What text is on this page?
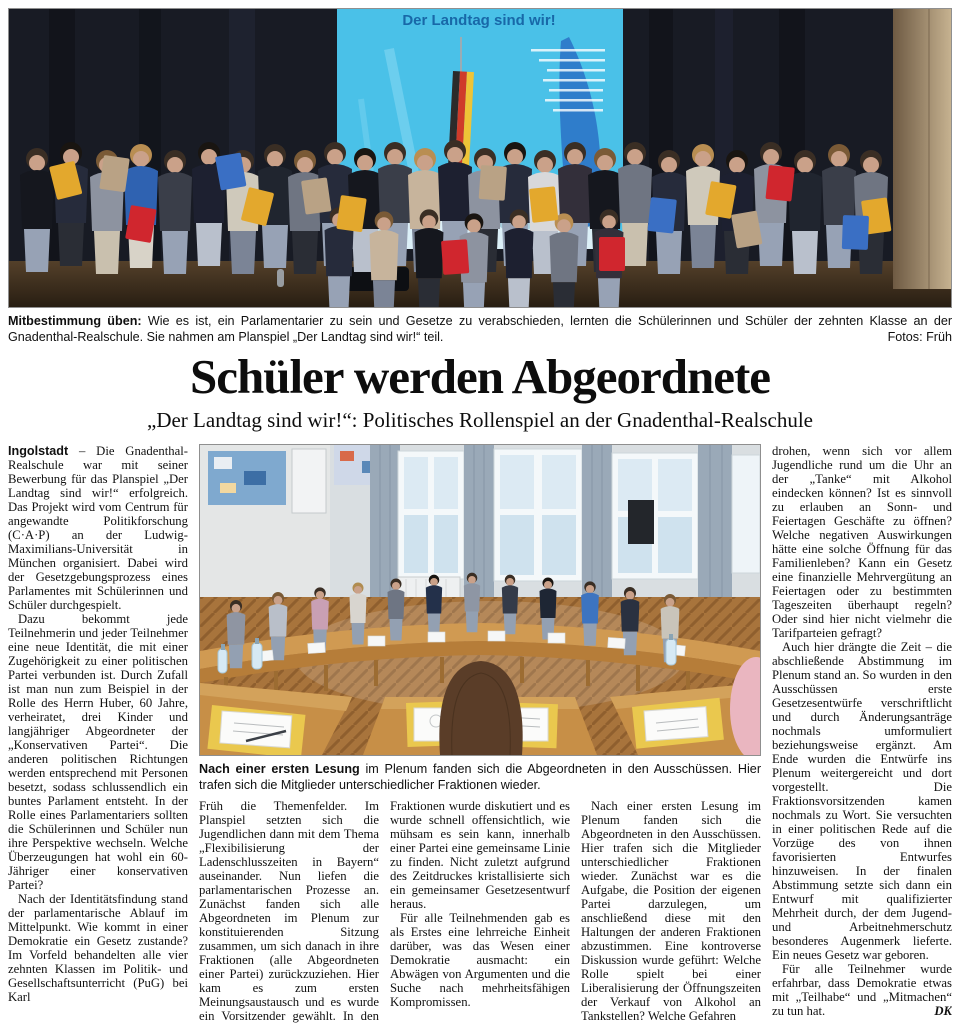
Der Landtag sind wir!
Mitbestimmung üben: Wie es ist, ein Parlamentarier zu sein und Gesetze zu verabschieden, lernten die Schülerinnen und Schüler der zehnten Klasse an der Gnadenthal-Realschule. Sie nahmen am Planspiel „Der Landtag sind wir!“ teil.	Fotos: Früh
Schüler werden Abgeordnete
„Der Landtag sind wir!“: Politisches Rollenspiel an der Gnadenthal-Realschule

Ingolstadt – Die Gnadenthal-Realschule war mit seiner Bewerbung für das Planspiel „Der Landtag sind wir!“ erfolgreich. Das Projekt wird vom Centrum für angewandte Politikforschung (C·A·P) an der Ludwig-Maximilians-Universität in München organisiert. Dabei wird der Gesetzgebungsprozess eines Parlamentes mit Schülerinnen und Schüler durchgespielt.

Dazu bekommt jede Teilnehmerin und jeder Teilnehmer eine neue Identität, die mit einer Zugehörigkeit zu einer politischen Partei verbunden ist. Durch Zufall ist man nun zum Beispiel in der Rolle des Herrn Huber, 60 Jahre, verheiratet, drei Kinder und langjähriger Abgeordneter der „Konservativen Partei“. Die anderen politischen Richtungen werden entsprechend mit Personen besetzt, sodass schlussendlich ein buntes Parlament entsteht. In der Rolle eines Parlamentariers sollten die Schülerinnen und Schüler nun ihre Perspektive wechseln. Welche Überzeugungen hat wohl ein 60-Jähriger einer konservativen Partei?

Nach der Identitätsfindung stand der parlamentarische Ablauf im Mittelpunkt. Wie kommt in einer Demokratie ein Gesetz zustande? Im Vorfeld behandelten alle vier zehnten Klassen im Politik- und Gesellschaftsunterricht (PuG) bei Karl

Nach einer ersten Lesung im Plenum fanden sich die Abgeordneten in den Ausschüssen. Hier trafen sich die Mitglieder unterschiedlicher Fraktionen wieder.

Früh die Themenfelder. Im Planspiel setzten sich die Jugendlichen dann mit dem Thema „Flexibilisierung der Ladenschlusszeiten in Bayern“ auseinander. Nun liefen die parlamentarischen Prozesse an. Zunächst fanden sich alle Abgeordneten im Plenum zur konstituierenden Sitzung zusammen, um sich danach in ihre Fraktionen (alle Abgeordneten einer Partei) zurückzuziehen. Hier kam es zum ersten Meinungsaustausch und es wurde ein Vorsitzender gewählt. In den Fraktionen wurde diskutiert und es wurde schnell offensichtlich, wie mühsam es sein kann, innerhalb einer Partei eine gemeinsame Linie zu finden. Nicht zuletzt aufgrund des Zeitdruckes kristallisierte sich ein gemeinsamer Gesetzesentwurf heraus.

Für alle Teilnehmenden gab es als Erstes eine lehrreiche Einheit darüber, was das Wesen einer Demokratie ausmacht: ein Abwägen von Argumenten und die Suche nach mehrheitsfähigen Kompromissen.

Nach einer ersten Lesung im Plenum fanden sich die Abgeordneten in den Ausschüssen. Hier trafen sich die Mitglieder unterschiedlicher Fraktionen wieder. Zunächst war es die Aufgabe, die Position der eigenen Partei darzulegen, um anschließend diese mit den Haltungen der anderen Fraktionen abzustimmen. Eine kontroverse Diskussion wurde geführt: Welche Rolle spielt bei einer Liberalisierung der Öffnungszeiten der Verkauf von Alkohol an Tankstellen? Welche Gefahren

drohen, wenn sich vor allem Jugendliche rund um die Uhr an der „Tanke“ mit Alkohol eindecken können? Ist es sinnvoll zu erlauben an Sonn- und Feiertagen Geschäfte zu öffnen? Welche negativen Auswirkungen hätte eine solche Öffnung für das Familienleben? Kann ein Gesetz eine finanzielle Mehrvergütung an Feiertagen oder zu bestimmten Tageszeiten überhaupt regeln? Oder sind hier nicht vielmehr die Tarifparteien gefragt?

Auch hier drängte die Zeit – die abschließende Abstimmung im Plenum stand an. So wurden in den Ausschüssen erste Gesetzesentwürfe verschriftlicht und durch Änderungsanträge nochmals umformuliert beziehungsweise ergänzt. Am Ende wurden die Entwürfe ins Plenum weitergereicht und dort vorgestellt. Die Fraktionsvorsitzenden kamen nochmals zu Wort. Sie versuchten in einer politischen Rede auf die Vorzüge des von ihnen favorisierten Entwurfes hinzuweisen. In der finalen Abstimmung setzte sich dann ein Entwurf mit qualifizierter Mehrheit durch, der dem Jugend- und Arbeitnehmerschutz besonderes Augenmerk lieferte. Ein neues Gesetz war geboren.

Für alle Teilnehmer wurde erfahrbar, dass Demokratie etwas mit „Teilhabe“ und „Mitmachen“ zu tun hat.	DK
